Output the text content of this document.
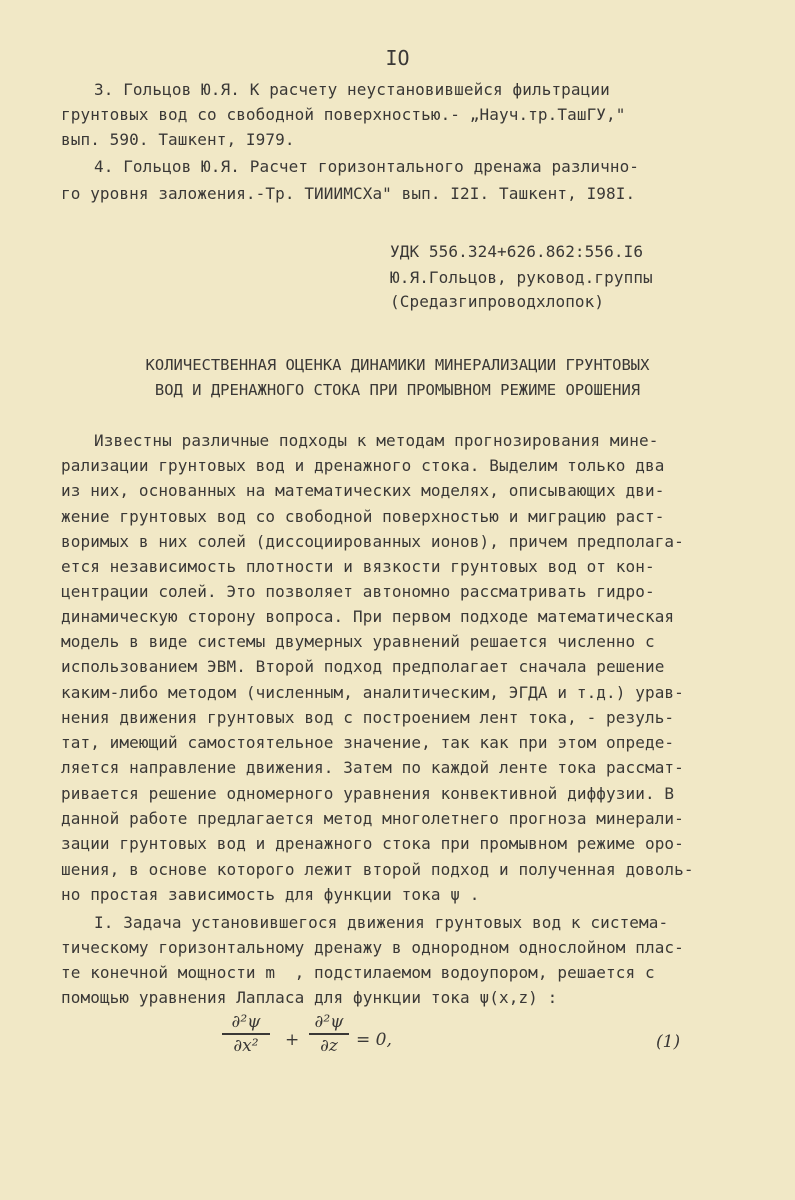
IO
3. Гольцов Ю.Я. К расчету неустановившейся фильтрации
грунтовых вод со свободной поверхностью.- „Науч.тр.ТашГУ,"
вып. 590. Ташкент, I979.
4. Гольцов Ю.Я. Расчет горизонтального дренажа различно-
го уровня заложения.-Тр. ТИИИМСХа" вып. I2I. Ташкент, I98I.
УДК 556.324+626.862:556.I6
Ю.Я.Гольцов, руковод.группы
(Средазгипроводхлопок)
КОЛИЧЕСТВЕННАЯ ОЦЕНКА ДИНАМИКИ МИНЕРАЛИЗАЦИИ ГРУНТОВЫХ
ВОД И ДРЕНАЖНОГО СТОКА ПРИ ПРОМЫВНОМ РЕЖИМЕ ОРОШЕНИЯ
Известны различные подходы к методам прогнозирования мине-
рализации грунтовых вод и дренажного стока. Выделим только два
из них, основанных на математических моделях, описывающих дви-
жение грунтовых вод со свободной поверхностью и миграцию раст-
воримых в них солей (диссоциированных ионов), причем предполага-
ется независимость плотности и вязкости грунтовых вод от кон-
центрации солей. Это позволяет автономно рассматривать гидро-
динамическую сторону вопроса. При первом подходе математическая
модель в виде системы двумерных уравнений решается численно с
использованием ЭВМ. Второй подход предполагает сначала решение
каким-либо методом (численным, аналитическим, ЭГДА и т.д.) урав-
нения движения грунтовых вод с построением лент тока, - резуль-
тат, имеющий самостоятельное значение, так как при этом опреде-
ляется направление движения. Затем по каждой ленте тока рассмат-
ривается решение одномерного уравнения конвективной диффузии. В
данной работе предлагается метод многолетнего прогноза минерали-
зации грунтовых вод и дренажного стока при промывном режиме оро-
шения, в основе которого лежит второй подход и полученная доволь-
но простая зависимость для функции тока ψ .
I. Задача установившегося движения грунтовых вод к система-
тическому горизонтальному дренажу в однородном однослойном плас-
те конечной мощности m  , подстилаемом водоупором, решается с
помощью уравнения Лапласа для функции тока ψ(x,z) :
∂²ψ
∂x²	+
∂²ψ
∂z	= 0,	(1)
